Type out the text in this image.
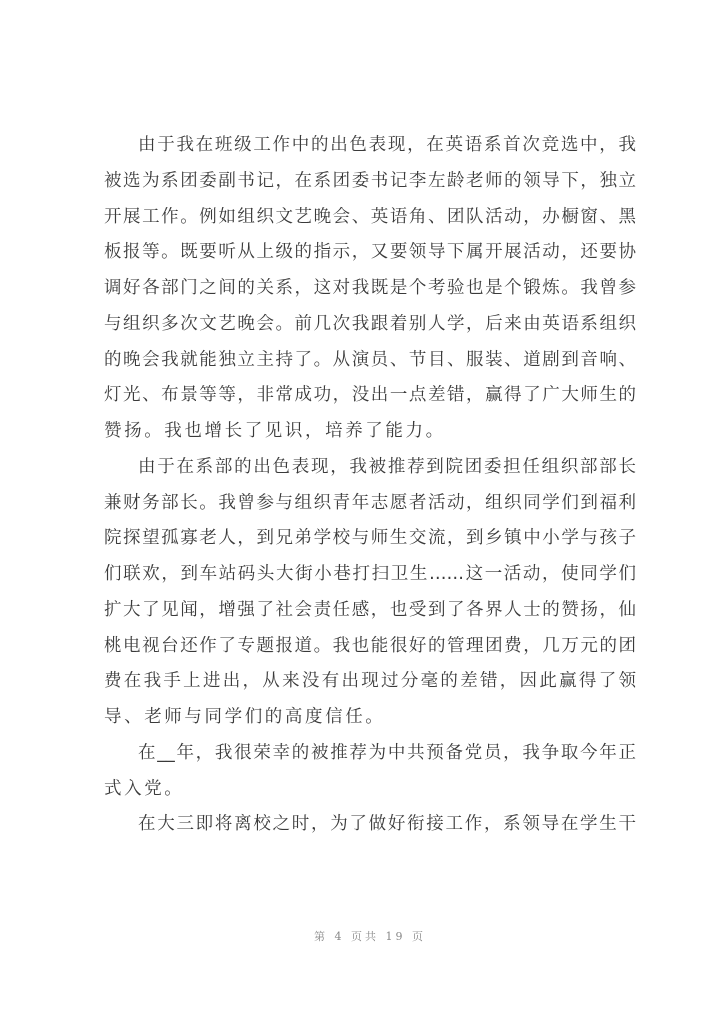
由于我在班级工作中的出色表现，在英语系首次竞选中，我
被选为系团委副书记，在系团委书记李左龄老师的领导下，独立
开展工作。例如组织文艺晚会、英语角、团队活动，办橱窗、黑
板报等。既要听从上级的指示，又要领导下属开展活动，还要协
调好各部门之间的关系，这对我既是个考验也是个锻炼。我曾参
与组织多次文艺晚会。前几次我跟着别人学，后来由英语系组织
的晚会我就能独立主持了。从演员、节目、服装、道剧到音响、
灯光、布景等等，非常成功，没出一点差错，赢得了广大师生的
赞扬。我也增长了见识，培养了能力。
由于在系部的出色表现，我被推荐到院团委担任组织部部长
兼财务部长。我曾参与组织青年志愿者活动，组织同学们到福利
院探望孤寡老人，到兄弟学校与师生交流，到乡镇中小学与孩子
们联欢，到车站码头大街小巷打扫卫生……这一活动，使同学们
扩大了见闻，增强了社会责任感，也受到了各界人士的赞扬，仙
桃电视台还作了专题报道。我也能很好的管理团费，几万元的团
费在我手上进出，从来没有出现过分毫的差错，因此赢得了领
导、老师与同学们的高度信任。
在__年，我很荣幸的被推荐为中共预备党员，我争取今年正
式入党。
在大三即将离校之时，为了做好衔接工作，系领导在学生干
第 4 页共 19 页
